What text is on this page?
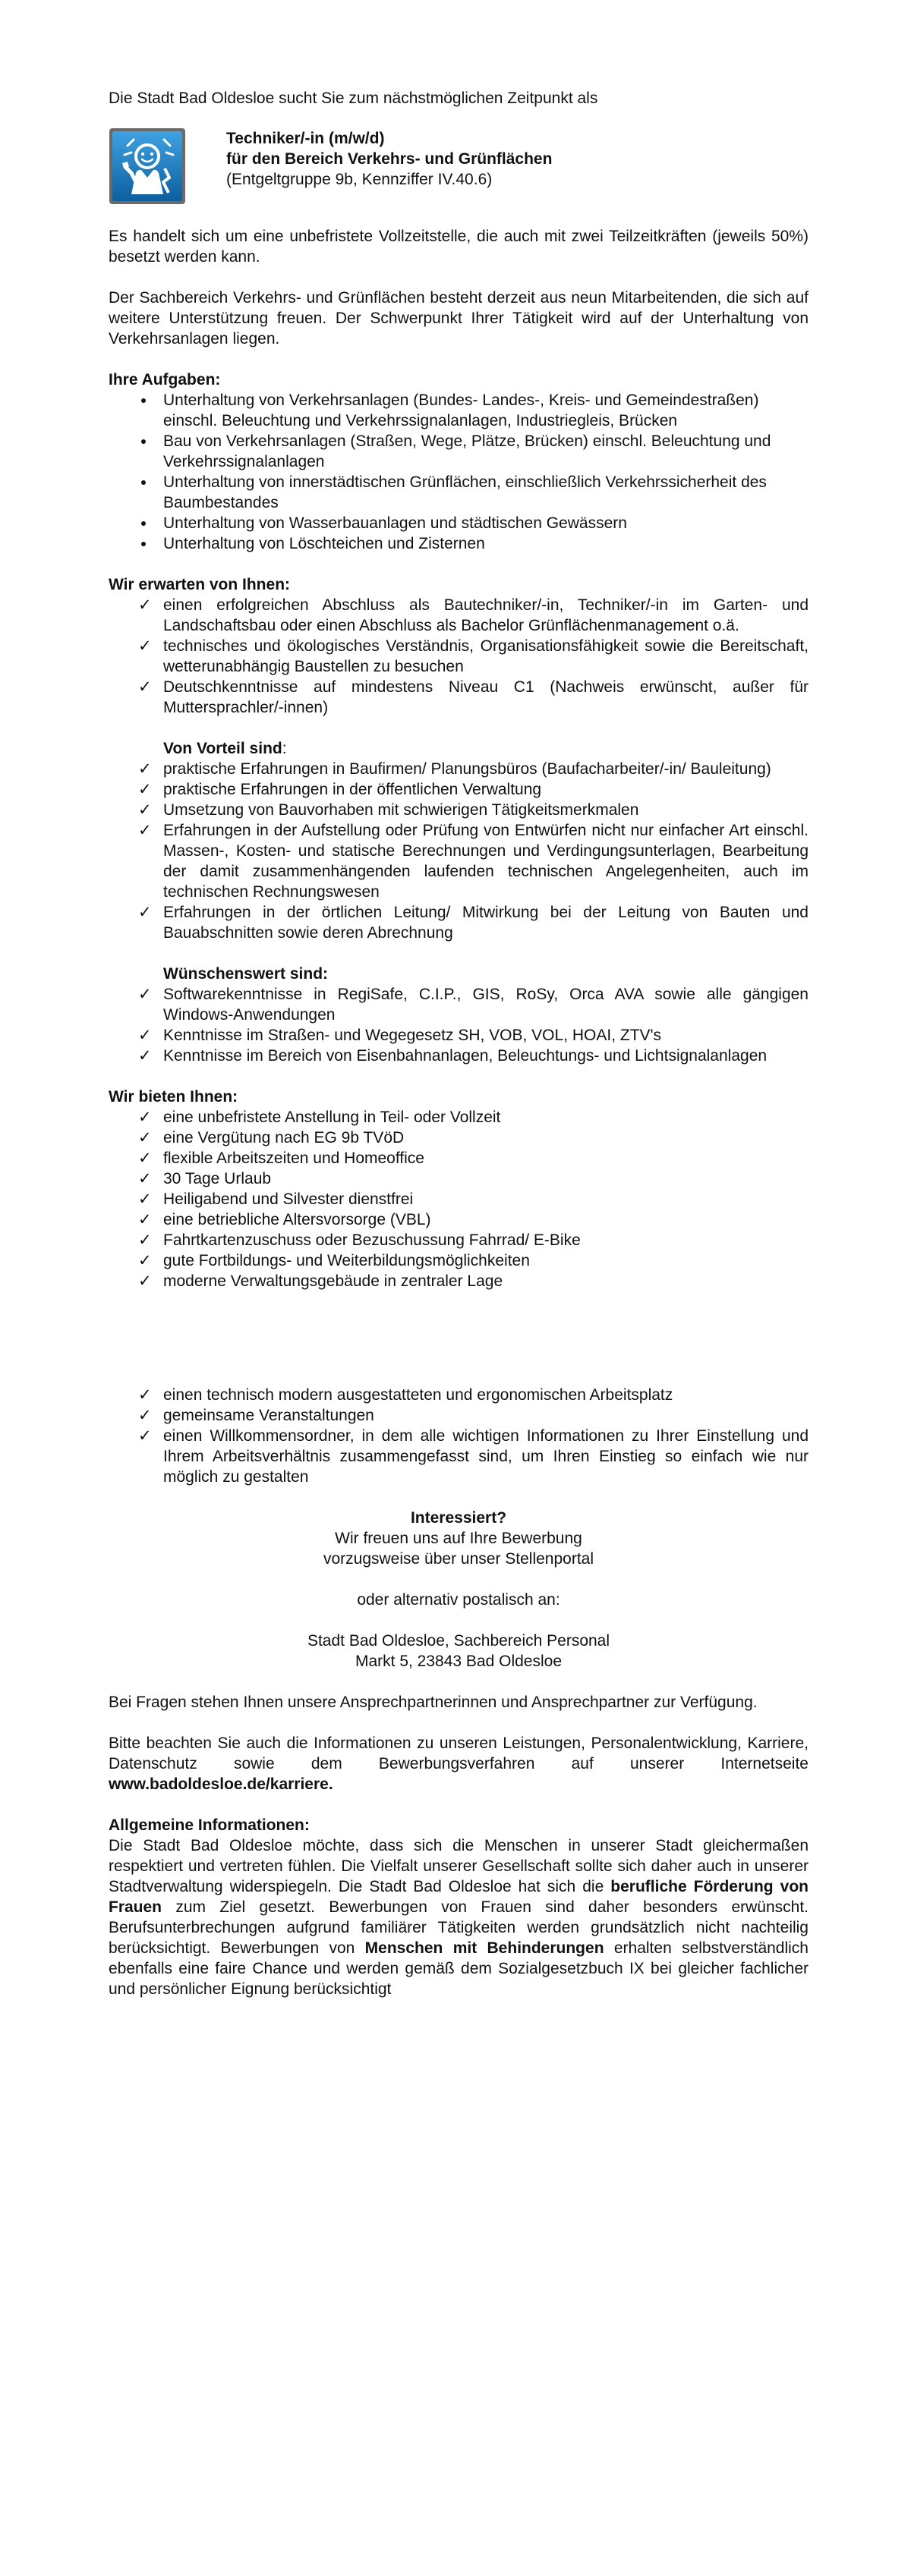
Die Stadt Bad Oldesloe sucht Sie zum nächstmöglichen Zeitpunkt als

Techniker/-in (m/w/d)
für den Bereich Verkehrs- und Grünflächen
(Entgeltgruppe 9b, Kennziffer IV.40.6)

Es handelt sich um eine unbefristete Vollzeitstelle, die auch mit zwei Teilzeitkräften (jeweils 50%) besetzt werden kann.

Der Sachbereich Verkehrs- und Grünflächen besteht derzeit aus neun Mitarbeitenden, die sich auf weitere Unterstützung freuen. Der Schwerpunkt Ihrer Tätigkeit wird auf der Unterhaltung von Verkehrsanlagen liegen.

Ihre Aufgaben:
Unterhaltung von Verkehrsanlagen (Bundes- Landes-, Kreis- und Gemeindestraßen) einschl. Beleuchtung und Verkehrssignalanlagen, Industriegleis, Brücken
Bau von Verkehrsanlagen (Straßen, Wege, Plätze, Brücken) einschl. Beleuchtung und Verkehrssignalanlagen
Unterhaltung von innerstädtischen Grünflächen, einschließlich Verkehrssicherheit des Baumbestandes
Unterhaltung von Wasserbauanlagen und städtischen Gewässern
Unterhaltung von Löschteichen und Zisternen
Wir erwarten von Ihnen:
✓ einen erfolgreichen Abschluss als Bautechniker/-in, Techniker/-in im Garten- und Landschaftsbau oder einen Abschluss als Bachelor Grünflächenmanagement o.ä.
✓ technisches und ökologisches Verständnis, Organisationsfähigkeit sowie die Bereitschaft, wetterunabhängig Baustellen zu besuchen
✓ Deutschkenntnisse auf mindestens Niveau C1 (Nachweis erwünscht, außer für Muttersprachler/-innen)

Von Vorteil sind:

✓ praktische Erfahrungen in Baufirmen/ Planungsbüros (Baufacharbeiter/-in/ Bauleitung)
✓ praktische Erfahrungen in der öffentlichen Verwaltung
✓ Umsetzung von Bauvorhaben mit schwierigen Tätigkeitsmerkmalen
✓ Erfahrungen in der Aufstellung oder Prüfung von Entwürfen nicht nur einfacher Art einschl. Massen-, Kosten- und statische Berechnungen und Verdingungsunterlagen, Bearbeitung der damit zusammenhängenden laufenden technischen Angelegenheiten, auch im technischen Rechnungswesen
✓ Erfahrungen in der örtlichen Leitung/ Mitwirkung bei der Leitung von Bauten und Bauabschnitten sowie deren Abrechnung

Wünschenswert sind:

✓ Softwarekenntnisse in RegiSafe, C.I.P., GIS, RoSy, Orca AVA sowie alle gängigen Windows-Anwendungen
✓ Kenntnisse im Straßen- und Wegegesetz SH, VOB, VOL, HOAI, ZTV's
✓ Kenntnisse im Bereich von Eisenbahnanlagen, Beleuchtungs- und Lichtsignalanlagen
Wir bieten Ihnen:
✓ eine unbefristete Anstellung in Teil- oder Vollzeit
✓ eine Vergütung nach EG 9b TVöD
✓ flexible Arbeitszeiten und Homeoffice
✓ 30 Tage Urlaub
✓ Heiligabend und Silvester dienstfrei
✓ eine betriebliche Altersvorsorge (VBL)
✓ Fahrtkartenzuschuss oder Bezuschussung Fahrrad/ E-Bike
✓ gute Fortbildungs- und Weiterbildungsmöglichkeiten
✓ moderne Verwaltungsgebäude in zentraler Lage
✓ einen technisch modern ausgestatteten und ergonomischen Arbeitsplatz
✓ gemeinsame Veranstaltungen
✓ einen Willkommensordner, in dem alle wichtigen Informationen zu Ihrer Einstellung und Ihrem Arbeitsverhältnis zusammengefasst sind, um Ihren Einstieg so einfach wie nur möglich zu gestalten
Interessiert?
Wir freuen uns auf Ihre Bewerbung
vorzugsweise über unser Stellenportal
oder alternativ postalisch an:
Stadt Bad Oldesloe, Sachbereich Personal
Markt 5, 23843 Bad Oldesloe

Bei Fragen stehen Ihnen unsere Ansprechpartnerinnen und Ansprechpartner zur Verfügung.

Bitte beachten Sie auch die Informationen zu unseren Leistungen, Personalentwicklung, Karriere, Datenschutz sowie dem Bewerbungsverfahren auf unserer Internetseite www.badoldesloe.de/karriere.

Allgemeine Informationen:

Die Stadt Bad Oldesloe möchte, dass sich die Menschen in unserer Stadt gleichermaßen respektiert und vertreten fühlen. Die Vielfalt unserer Gesellschaft sollte sich daher auch in unserer Stadtverwaltung widerspiegeln. Die Stadt Bad Oldesloe hat sich die berufliche Förderung von Frauen zum Ziel gesetzt. Bewerbungen von Frauen sind daher besonders erwünscht. Berufsunterbrechungen aufgrund familiärer Tätigkeiten werden grundsätzlich nicht nachteilig berücksichtigt. Bewerbungen von Menschen mit Behinderungen erhalten selbstverständlich ebenfalls eine faire Chance und werden gemäß dem Sozialgesetzbuch IX bei gleicher fachlicher und persönlicher Eignung berücksichtigt
